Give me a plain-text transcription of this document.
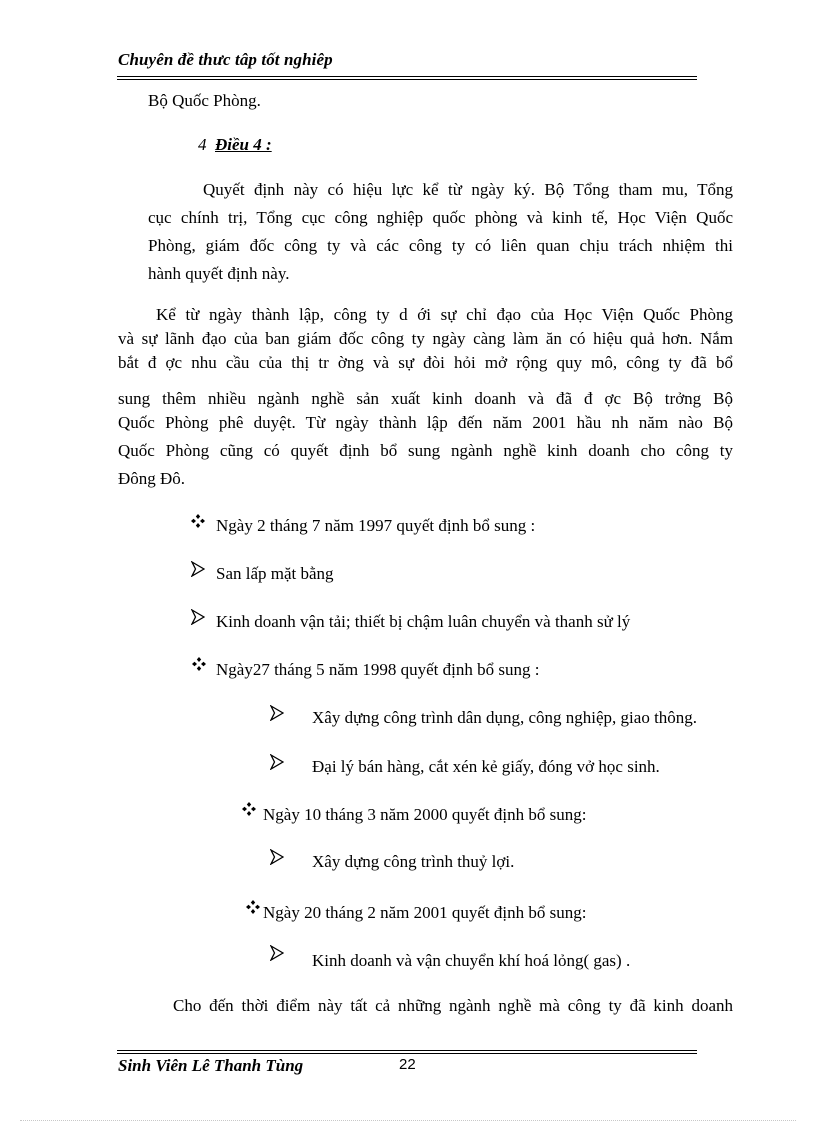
Chuyên đề thưc tâp tốt nghiêp
Bộ Quốc Phòng.
4 Điều 4 :
Quyết định này có hiệu lực kể từ ngày ký. Bộ Tổng tham mu, Tổng
cục chính trị, Tổng cục công nghiệp quốc phòng và kinh tế, Học Viện Quốc
Phòng, giám đốc công ty và các công ty có liên quan chịu trách nhiệm thi
hành quyết định này.
Kể từ ngày thành lập, công ty d ới sự chỉ đạo của Học Viện Quốc Phòng
và sự lãnh đạo của ban giám đốc công ty ngày càng làm ăn có hiệu quả hơn. Nắm
bắt đ ợc nhu cầu của thị tr ờng và sự đòi hỏi mở rộng quy mô, công ty đã bổ
sung thêm nhiều ngành nghề sản xuất kinh doanh và đã đ ợc Bộ trởng Bộ
Quốc Phòng phê duyệt. Từ ngày thành lập đến năm 2001 hầu nh năm nào Bộ
Quốc Phòng cũng có quyết định bổ sung ngành nghề kinh doanh cho công ty
Đông Đô.
Ngày 2 tháng 7 năm 1997 quyết định bổ sung :
San lấp mặt bằng
Kinh doanh vận tải; thiết bị chậm luân chuyển và thanh sử lý
Ngày27 tháng 5 năm 1998 quyết định bổ sung :
Xây dựng công trình dân dụng, công nghiệp, giao thông.
Đại lý bán hàng, cắt xén kẻ giấy, đóng vở học sinh.
Ngày 10 tháng 3 năm 2000 quyết định bổ sung:
Xây dựng công trình thuỷ lợi.
Ngày 20 tháng 2 năm 2001 quyết định bổ sung:
Kinh doanh và vận chuyển khí hoá lỏng( gas) .
Cho đến thời điểm này tất cả những ngành nghề mà công ty đã kinh doanh
Sinh Viên Lê Thanh Tùng	22
